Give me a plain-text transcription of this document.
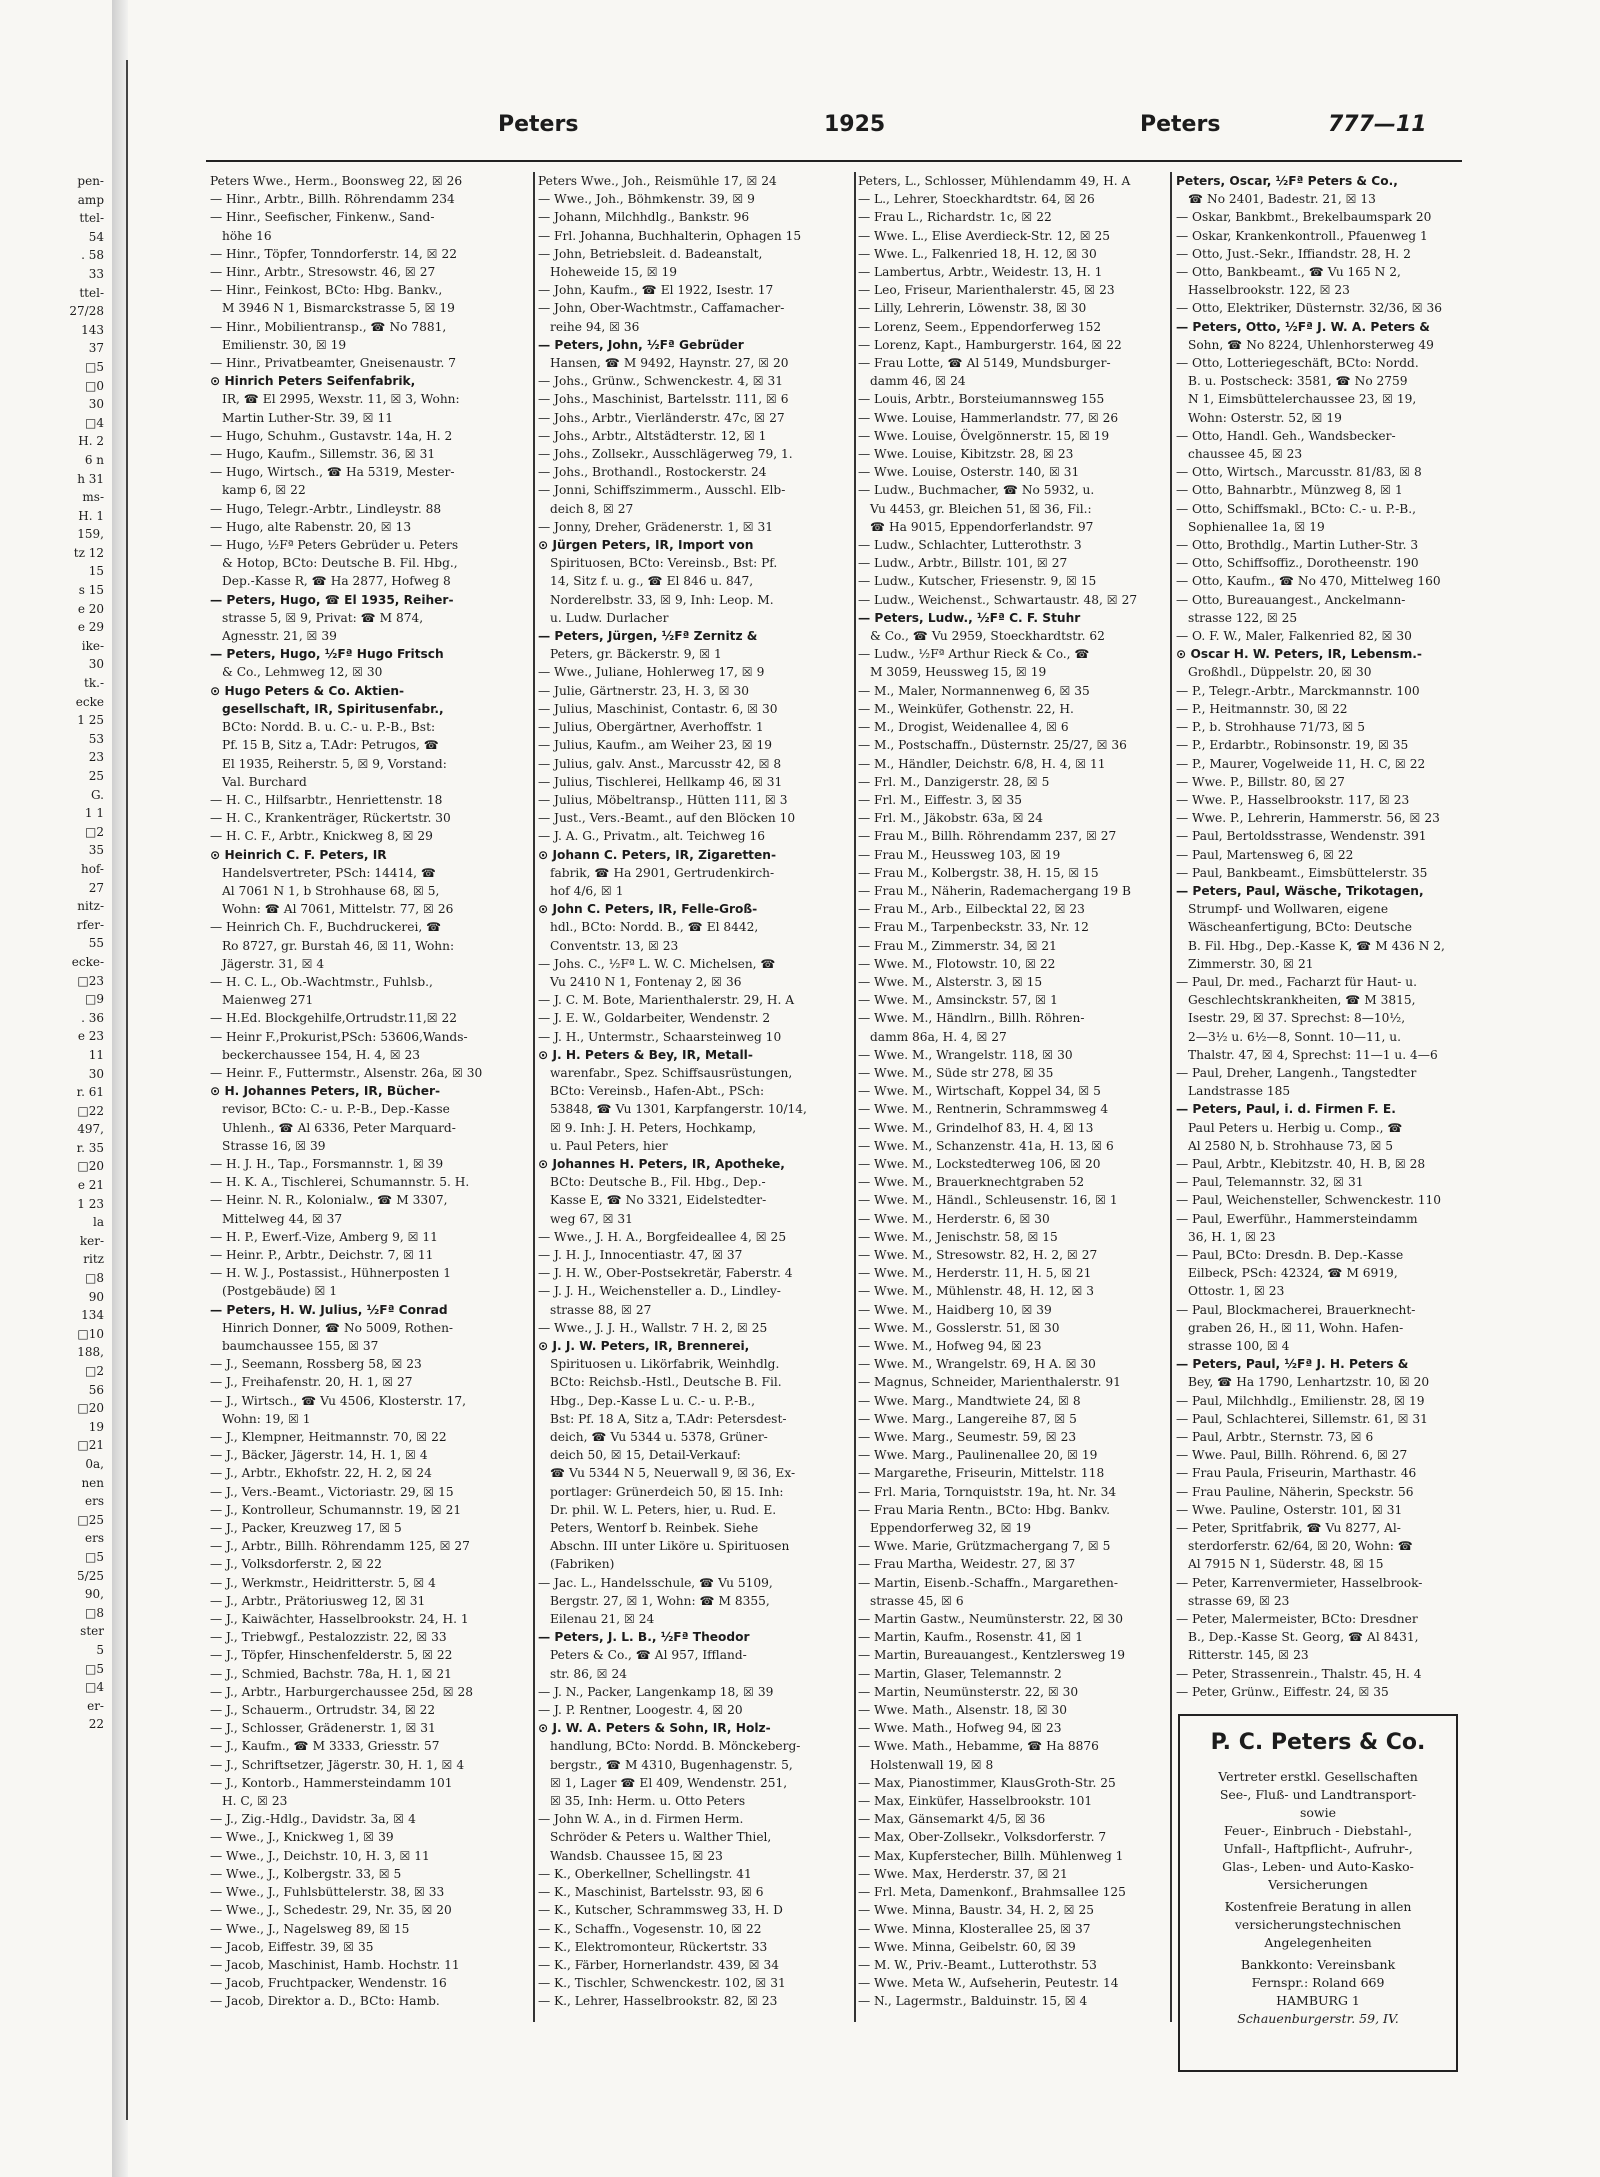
pen-
amp
ttel-
54
. 58
  33
ttel-
27/28
143
37
 □5
 □0
30
 □4
H. 2
6 n
h 31
ms-
H. 1
159,
tz 12
15
s 15
e 20
e 29
ike-
30
tk.-
ecke
1 25
53
23
25
G.
1 1
 □2
35
hof-
27
nitz-
rfer-
55
ecke-
 □23
 □9
 . 36
e 23
11
30
r. 61
 □22
497,
r. 35
 □20
e 21
1 23
la
ker-
ritz
 □8
90
134
 □10
188,
 □2
56
 □20
19
 □21
0a,
nen
ers
 □25
ers
 □5
5/25
90,
 □8
ster
5
 □5
 □4
er-
22
Peters	1925	Peters	777—11
Peters Wwe., Herm., Boonsweg 22, ☒ 26
— Hinr., Arbtr., Billh. Röhrendamm 234
— Hinr., Seefischer, Finkenw., Sand-
höhe 16
— Hinr., Töpfer, Tonndorferstr. 14, ☒ 22
— Hinr., Arbtr., Stresowstr. 46, ☒ 27
— Hinr., Feinkost, BCto: Hbg. Bankv.,
M 3946 N 1, Bismarckstrasse 5, ☒ 19
— Hinr., Mobilientransp., ☎ No 7881,
Emilienstr. 30, ☒ 19
— Hinr., Privatbeamter, Gneisenaustr. 7
⊙ Hinrich Peters Seifenfabrik,
IR, ☎ El 2995, Wexstr. 11, ☒ 3, Wohn:
Martin Luther-Str. 39, ☒ 11
— Hugo, Schuhm., Gustavstr. 14a, H. 2
— Hugo, Kaufm., Sillemstr. 36, ☒ 31
— Hugo, Wirtsch., ☎ Ha 5319, Mester-
kamp 6, ☒ 22
— Hugo, Telegr.-Arbtr., Lindleystr. 88
— Hugo, alte Rabenstr. 20, ☒ 13
— Hugo, ½Fª Peters Gebrüder u. Peters
& Hotop, BCto: Deutsche B. Fil. Hbg.,
Dep.-Kasse R, ☎ Ha 2877, Hofweg 8
— Peters, Hugo, ☎ El 1935, Reiher-
strasse 5, ☒ 9, Privat: ☎ M 874,
Agnesstr. 21, ☒ 39
— Peters, Hugo, ½Fª Hugo Fritsch
& Co., Lehmweg 12, ☒ 30
⊙ Hugo Peters & Co. Aktien-
gesellschaft, IR, Spiritusenfabr.,
BCto: Nordd. B. u. C.- u. P.-B., Bst:
Pf. 15 B, Sitz a, T.Adr: Petrugos, ☎
El 1935, Reiherstr. 5, ☒ 9, Vorstand:
Val. Burchard
— H. C., Hilfsarbtr., Henriettenstr. 18
— H. C., Krankenträger, Rückertstr. 30
— H. C. F., Arbtr., Knickweg 8, ☒ 29
⊙ Heinrich C. F. Peters, IR
Handelsvertreter, PSch: 14414, ☎
Al 7061 N 1, b Strohhause 68, ☒ 5,
Wohn: ☎ Al 7061, Mittelstr. 77, ☒ 26
— Heinrich Ch. F., Buchdruckerei, ☎
Ro 8727, gr. Burstah 46, ☒ 11, Wohn:
Jägerstr. 31, ☒ 4
— H. C. L., Ob.-Wachtmstr., Fuhlsb.,
Maienweg 271
— H.Ed. Blockgehilfe,Ortrudstr.11,☒ 22
— Heinr F.,Prokurist,PSch: 53606,Wands-
beckerchaussee 154, H. 4, ☒ 23
— Heinr. F., Futtermstr., Alsenstr. 26a, ☒ 30
⊙ H. Johannes Peters, IR, Bücher-
revisor, BCto: C.- u. P.-B., Dep.-Kasse
Uhlenh., ☎ Al 6336, Peter Marquard-
Strasse 16, ☒ 39
— H. J. H., Tap., Forsmannstr. 1, ☒ 39
— H. K. A., Tischlerei, Schumannstr. 5. H.
— Heinr. N. R., Kolonialw., ☎ M 3307,
Mittelweg 44, ☒ 37
— H. P., Ewerf.-Vize, Amberg 9, ☒ 11
— Heinr. P., Arbtr., Deichstr. 7, ☒ 11
— H. W. J., Postassist., Hühnerposten 1
(Postgebäude) ☒ 1
— Peters, H. W. Julius, ½Fª Conrad
Hinrich Donner, ☎ No 5009, Rothen-
baumchaussee 155, ☒ 37
— J., Seemann, Rossberg 58, ☒ 23
— J., Freihafenstr. 20, H. 1, ☒ 27
— J., Wirtsch., ☎ Vu 4506, Klosterstr. 17,
Wohn: 19, ☒ 1
— J., Klempner, Heitmannstr. 70, ☒ 22
— J., Bäcker, Jägerstr. 14, H. 1, ☒ 4
— J., Arbtr., Ekhofstr. 22, H. 2, ☒ 24
— J., Vers.-Beamt., Victoriastr. 29, ☒ 15
— J., Kontrolleur, Schumannstr. 19, ☒ 21
— J., Packer, Kreuzweg 17, ☒ 5
— J., Arbtr., Billh. Röhrendamm 125, ☒ 27
— J., Volksdorferstr. 2, ☒ 22
— J., Werkmstr., Heidritterstr. 5, ☒ 4
— J., Arbtr., Prätoriusweg 12, ☒ 31
— J., Kaiwächter, Hasselbrookstr. 24, H. 1
— J., Triebwgf., Pestalozzistr. 22, ☒ 33
— J., Töpfer, Hinschenfelderstr. 5, ☒ 22
— J., Schmied, Bachstr. 78a, H. 1, ☒ 21
— J., Arbtr., Harburgerchaussee 25d, ☒ 28
— J., Schauerm., Ortrudstr. 34, ☒ 22
— J., Schlosser, Grädenerstr. 1, ☒ 31
— J., Kaufm., ☎ M 3333, Griesstr. 57
— J., Schriftsetzer, Jägerstr. 30, H. 1, ☒ 4
— J., Kontorb., Hammersteindamm 101
H. C, ☒ 23
— J., Zig.-Hdlg., Davidstr. 3a, ☒ 4
— Wwe., J., Knickweg 1, ☒ 39
— Wwe., J., Deichstr. 10, H. 3, ☒ 11
— Wwe., J., Kolbergstr. 33, ☒ 5
— Wwe., J., Fuhlsbüttelerstr. 38, ☒ 33
— Wwe., J., Schedestr. 29, Nr. 35, ☒ 20
— Wwe., J., Nagelsweg 89, ☒ 15
— Jacob, Eiffestr. 39, ☒ 35
— Jacob, Maschinist, Hamb. Hochstr. 11
— Jacob, Fruchtpacker, Wendenstr. 16
— Jacob, Direktor a. D., BCto: Hamb.
Peters Wwe., Joh., Reismühle 17, ☒ 24
— Wwe., Joh., Böhmkenstr. 39, ☒ 9
— Johann, Milchhdlg., Bankstr. 96
— Frl. Johanna, Buchhalterin, Ophagen 15
— John, Betriebsleit. d. Badeanstalt,
Hoheweide 15, ☒ 19
— John, Kaufm., ☎ El 1922, Isestr. 17
— John, Ober-Wachtmstr., Caffamacher-
reihe 94, ☒ 36
— Peters, John, ½Fª Gebrüder
Hansen, ☎ M 9492, Haynstr. 27, ☒ 20
— Johs., Grünw., Schwenckestr. 4, ☒ 31
— Johs., Maschinist, Bartelsstr. 111, ☒ 6
— Johs., Arbtr., Vierländerstr. 47c, ☒ 27
— Johs., Arbtr., Altstädterstr. 12, ☒ 1
— Johs., Zollsekr., Ausschlägerweg 79, 1.
— Johs., Brothandl., Rostockerstr. 24
— Jonni, Schiffszimmerm., Ausschl. Elb-
deich 8, ☒ 27
— Jonny, Dreher, Grädenerstr. 1, ☒ 31
⊙ Jürgen Peters, IR, Import von
Spirituosen, BCto: Vereinsb., Bst: Pf.
14, Sitz f. u. g., ☎ El 846 u. 847,
Norderelbstr. 33, ☒ 9, Inh: Leop. M.
u. Ludw. Durlacher
— Peters, Jürgen, ½Fª Zernitz &
Peters, gr. Bäckerstr. 9, ☒ 1
— Wwe., Juliane, Hohlerweg 17, ☒ 9
— Julie, Gärtnerstr. 23, H. 3, ☒ 30
— Julius, Maschinist, Contastr. 6, ☒ 30
— Julius, Obergärtner, Averhoffstr. 1
— Julius, Kaufm., am Weiher 23, ☒ 19
— Julius, galv. Anst., Marcusstr 42, ☒ 8
— Julius, Tischlerei, Hellkamp 46, ☒ 31
— Julius, Möbeltransp., Hütten 111, ☒ 3
— Just., Vers.-Beamt., auf den Blöcken 10
— J. A. G., Privatm., alt. Teichweg 16
⊙ Johann C. Peters, IR, Zigaretten-
fabrik, ☎ Ha 2901, Gertrudenkirch-
hof 4/6, ☒ 1
⊙ John C. Peters, IR, Felle-Groß-
hdl., BCto: Nordd. B., ☎ El 8442,
Conventstr. 13, ☒ 23
— Johs. C., ½Fª L. W. C. Michelsen, ☎
Vu 2410 N 1, Fontenay 2, ☒ 36
— J. C. M. Bote, Marienthalerstr. 29, H. A
— J. E. W., Goldarbeiter, Wendenstr. 2
— J. H., Untermstr., Schaarsteinweg 10
⊙ J. H. Peters & Bey, IR, Metall-
warenfabr., Spez. Schiffsausrüstungen,
BCto: Vereinsb., Hafen-Abt., PSch:
53848, ☎ Vu 1301, Karpfangerstr. 10/14,
☒ 9. Inh: J. H. Peters, Hochkamp,
u. Paul Peters, hier
⊙ Johannes H. Peters, IR, Apotheke,
BCto: Deutsche B., Fil. Hbg., Dep.-
Kasse E, ☎ No 3321, Eidelstedter-
weg 67, ☒ 31
— Wwe., J. H. A., Borgfeideallee 4, ☒ 25
— J. H. J., Innocentiastr. 47, ☒ 37
— J. H. W., Ober-Postsekretär, Faberstr. 4
— J. J. H., Weichensteller a. D., Lindley-
strasse 88, ☒ 27
— Wwe., J. J. H., Wallstr. 7 H. 2, ☒ 25
⊙ J. J. W. Peters, IR, Brennerei,
Spirituosen u. Likörfabrik, Weinhdlg.
BCto: Reichsb.-Hstl., Deutsche B. Fil.
Hbg., Dep.-Kasse L u. C.- u. P.-B.,
Bst: Pf. 18 A, Sitz a, T.Adr: Petersdest-
deich, ☎ Vu 5344 u. 5378, Grüner-
deich 50, ☒ 15, Detail-Verkauf:
☎ Vu 5344 N 5, Neuerwall 9, ☒ 36, Ex-
portlager: Grünerdeich 50, ☒ 15. Inh:
Dr. phil. W. L. Peters, hier, u. Rud. E.
Peters, Wentorf b. Reinbek. Siehe
Abschn. III unter Liköre u. Spirituosen
(Fabriken)
— Jac. L., Handelsschule, ☎ Vu 5109,
Bergstr. 27, ☒ 1, Wohn: ☎ M 8355,
Eilenau 21, ☒ 24
— Peters, J. L. B., ½Fª Theodor
Peters & Co., ☎ Al 957, Iffland-
str. 86, ☒ 24
— J. N., Packer, Langenkamp 18, ☒ 39
— J. P. Rentner, Loogestr. 4, ☒ 20
⊙ J. W. A. Peters & Sohn, IR, Holz-
handlung, BCto: Nordd. B. Mönckeberg-
bergstr., ☎ M 4310, Bugenhagenstr. 5,
☒ 1, Lager ☎ El 409, Wendenstr. 251,
☒ 35, Inh: Herm. u. Otto Peters
— John W. A., in d. Firmen Herm.
Schröder & Peters u. Walther Thiel,
Wandsb. Chaussee 15, ☒ 23
— K., Oberkellner, Schellingstr. 41
— K., Maschinist, Bartelsstr. 93, ☒ 6
— K., Kutscher, Schrammsweg 33, H. D
— K., Schaffn., Vogesenstr. 10, ☒ 22
— K., Elektromonteur, Rückertstr. 33
— K., Färber, Hornerlandstr. 439, ☒ 34
— K., Tischler, Schwenckestr. 102, ☒ 31
— K., Lehrer, Hasselbrookstr. 82, ☒ 23
Peters, L., Schlosser, Mühlendamm 49, H. A
— L., Lehrer, Stoeckhardtstr. 64, ☒ 26
— Frau L., Richardstr. 1c, ☒ 22
— Wwe. L., Elise Averdieck-Str. 12, ☒ 25
— Wwe. L., Falkenried 18, H. 12, ☒ 30
— Lambertus, Arbtr., Weidestr. 13, H. 1
— Leo, Friseur, Marienthalerstr. 45, ☒ 23
— Lilly, Lehrerin, Löwenstr. 38, ☒ 30
— Lorenz, Seem., Eppendorferweg 152
— Lorenz, Kapt., Hamburgerstr. 164, ☒ 22
— Frau Lotte, ☎ Al 5149, Mundsburger-
damm 46, ☒ 24
— Louis, Arbtr., Borsteiumannsweg 155
— Wwe. Louise, Hammerlandstr. 77, ☒ 26
— Wwe. Louise, Övelgönnerstr. 15, ☒ 19
— Wwe. Louise, Kibitzstr. 28, ☒ 23
— Wwe. Louise, Osterstr. 140, ☒ 31
— Ludw., Buchmacher, ☎ No 5932, u.
Vu 4453, gr. Bleichen 51, ☒ 36, Fil.:
☎ Ha 9015, Eppendorferlandstr. 97
— Ludw., Schlachter, Lutterothstr. 3
— Ludw., Arbtr., Billstr. 101, ☒ 27
— Ludw., Kutscher, Friesenstr. 9, ☒ 15
— Ludw., Weichenst., Schwartaustr. 48, ☒ 27
— Peters, Ludw., ½Fª C. F. Stuhr
& Co., ☎ Vu 2959, Stoeckhardtstr. 62
— Ludw., ½Fª Arthur Rieck & Co., ☎
M 3059, Heussweg 15, ☒ 19
— M., Maler, Normannenweg 6, ☒ 35
— M., Weinküfer, Gothenstr. 22, H.
— M., Drogist, Weidenallee 4, ☒ 6
— M., Postschaffn., Düsternstr. 25/27, ☒ 36
— M., Händler, Deichstr. 6/8, H. 4, ☒ 11
— Frl. M., Danzigerstr. 28, ☒ 5
— Frl. M., Eiffestr. 3, ☒ 35
— Frl. M., Jäkobstr. 63a, ☒ 24
— Frau M., Billh. Röhrendamm 237, ☒ 27
— Frau M., Heussweg 103, ☒ 19
— Frau M., Kolbergstr. 38, H. 15, ☒ 15
— Frau M., Näherin, Rademachergang 19 B
— Frau M., Arb., Eilbecktal 22, ☒ 23
— Frau M., Tarpenbeckstr. 33, Nr. 12
— Frau M., Zimmerstr. 34, ☒ 21
— Wwe. M., Flotowstr. 10, ☒ 22
— Wwe. M., Alsterstr. 3, ☒ 15
— Wwe. M., Amsinckstr. 57, ☒ 1
— Wwe. M., Händlrn., Billh. Röhren-
damm 86a, H. 4, ☒ 27
— Wwe. M., Wrangelstr. 118, ☒ 30
— Wwe. M., Süde str 278, ☒ 35
— Wwe. M., Wirtschaft, Koppel 34, ☒ 5
— Wwe. M., Rentnerin, Schrammsweg 4
— Wwe. M., Grindelhof 83, H. 4, ☒ 13
— Wwe. M., Schanzenstr. 41a, H. 13, ☒ 6
— Wwe. M., Lockstedterweg 106, ☒ 20
— Wwe. M., Brauerknechtgraben 52
— Wwe. M., Händl., Schleusenstr. 16, ☒ 1
— Wwe. M., Herderstr. 6, ☒ 30
— Wwe. M., Jenischstr. 58, ☒ 15
— Wwe. M., Stresowstr. 82, H. 2, ☒ 27
— Wwe. M., Herderstr. 11, H. 5, ☒ 21
— Wwe. M., Mühlenstr. 48, H. 12, ☒ 3
— Wwe. M., Haidberg 10, ☒ 39
— Wwe. M., Gosslerstr. 51, ☒ 30
— Wwe. M., Hofweg 94, ☒ 23
— Wwe. M., Wrangelstr. 69, H A. ☒ 30
— Magnus, Schneider, Marienthalerstr. 91
— Wwe. Marg., Mandtwiete 24, ☒ 8
— Wwe. Marg., Langereihe 87, ☒ 5
— Wwe. Marg., Seumestr. 59, ☒ 23
— Wwe. Marg., Paulinenallee 20, ☒ 19
— Margarethe, Friseurin, Mittelstr. 118
— Frl. Maria, Tornquiststr. 19a, ht. Nr. 34
— Frau Maria Rentn., BCto: Hbg. Bankv.
Eppendorferweg 32, ☒ 19
— Wwe. Marie, Grützmachergang 7, ☒ 5
— Frau Martha, Weidestr. 27, ☒ 37
— Martin, Eisenb.-Schaffn., Margarethen-
strasse 45, ☒ 6
— Martin Gastw., Neumünsterstr. 22, ☒ 30
— Martin, Kaufm., Rosenstr. 41, ☒ 1
— Martin, Bureauangest., Kentzlersweg 19
— Martin, Glaser, Telemannstr. 2
— Martin, Neumünsterstr. 22, ☒ 30
— Wwe. Math., Alsenstr. 18, ☒ 30
— Wwe. Math., Hofweg 94, ☒ 23
— Wwe. Math., Hebamme, ☎ Ha 8876
Holstenwall 19, ☒ 8
— Max, Pianostimmer, KlausGroth-Str. 25
— Max, Einküfer, Hasselbrookstr. 101
— Max, Gänsemarkt 4/5, ☒ 36
— Max, Ober-Zollsekr., Volksdorferstr. 7
— Max, Kupferstecher, Billh. Mühlenweg 1
— Wwe. Max, Herderstr. 37, ☒ 21
— Frl. Meta, Damenkonf., Brahmsallee 125
— Wwe. Minna, Baustr. 34, H. 2, ☒ 25
— Wwe. Minna, Klosterallee 25, ☒ 37
— Wwe. Minna, Geibelstr. 60, ☒ 39
— M. W., Priv.-Beamt., Lutterothstr. 53
— Wwe. Meta W., Aufseherin, Peutestr. 14
— N., Lagermstr., Balduinstr. 15, ☒ 4
Peters, Oscar, ½Fª Peters & Co.,
☎ No 2401, Badestr. 21, ☒ 13
— Oskar, Bankbmt., Brekelbaumspark 20
— Oskar, Krankenkontroll., Pfauenweg 1
— Otto, Just.-Sekr., Iffiandstr. 28, H. 2
— Otto, Bankbeamt., ☎ Vu 165 N 2,
Hasselbrookstr. 122, ☒ 23
— Otto, Elektriker, Düsternstr. 32/36, ☒ 36
— Peters, Otto, ½Fª J. W. A. Peters &
Sohn, ☎ No 8224, Uhlenhorsterweg 49
— Otto, Lotteriegeschäft, BCto: Nordd.
B. u. Postscheck: 3581, ☎ No 2759
N 1, Eimsbüttelerchaussee 23, ☒ 19,
Wohn: Osterstr. 52, ☒ 19
— Otto, Handl. Geh., Wandsbecker-
chaussee 45, ☒ 23
— Otto, Wirtsch., Marcusstr. 81/83, ☒ 8
— Otto, Bahnarbtr., Münzweg 8, ☒ 1
— Otto, Schiffsmakl., BCto: C.- u. P.-B.,
Sophienallee 1a, ☒ 19
— Otto, Brothdlg., Martin Luther-Str. 3
— Otto, Schiffsoffiz., Dorotheenstr. 190
— Otto, Kaufm., ☎ No 470, Mittelweg 160
— Otto, Bureauangest., Anckelmann-
strasse 122, ☒ 25
— O. F. W., Maler, Falkenried 82, ☒ 30
⊙ Oscar H. W. Peters, IR, Lebensm.-
Großhdl., Düppelstr. 20, ☒ 30
— P., Telegr.-Arbtr., Marckmannstr. 100
— P., Heitmannstr. 30, ☒ 22
— P., b. Strohhause 71/73, ☒ 5
— P., Erdarbtr., Robinsonstr. 19, ☒ 35
— P., Maurer, Vogelweide 11, H. C, ☒ 22
— Wwe. P., Billstr. 80, ☒ 27
— Wwe. P., Hasselbrookstr. 117, ☒ 23
— Wwe. P., Lehrerin, Hammerstr. 56, ☒ 23
— Paul, Bertoldsstrasse, Wendenstr. 391
— Paul, Martensweg 6, ☒ 22
— Paul, Bankbeamt., Eimsbüttelerstr. 35
— Peters, Paul, Wäsche, Trikotagen,
Strumpf- und Wollwaren, eigene
Wäscheanfertigung, BCto: Deutsche
B. Fil. Hbg., Dep.-Kasse K, ☎ M 436 N 2,
Zimmerstr. 30, ☒ 21
— Paul, Dr. med., Facharzt für Haut- u.
Geschlechtskrankheiten, ☎ M 3815,
Isestr. 29, ☒ 37. Sprechst: 8—10½,
2—3½ u. 6½—8, Sonnt. 10—11, u.
Thalstr. 47, ☒ 4, Sprechst: 11—1 u. 4—6
— Paul, Dreher, Langenh., Tangstedter
Landstrasse 185
— Peters, Paul, i. d. Firmen F. E.
Paul Peters u. Herbig u. Comp., ☎
Al 2580 N, b. Strohhause 73, ☒ 5
— Paul, Arbtr., Klebitzstr. 40, H. B, ☒ 28
— Paul, Telemannstr. 32, ☒ 31
— Paul, Weichensteller, Schwenckestr. 110
— Paul, Ewerführ., Hammersteindamm
36, H. 1, ☒ 23
— Paul, BCto: Dresdn. B. Dep.-Kasse
Eilbeck, PSch: 42324, ☎ M 6919,
Ottostr. 1, ☒ 23
— Paul, Blockmacherei, Brauerknecht-
graben 26, H., ☒ 11, Wohn. Hafen-
strasse 100, ☒ 4
— Peters, Paul, ½Fª J. H. Peters &
Bey, ☎ Ha 1790, Lenhartzstr. 10, ☒ 20
— Paul, Milchhdlg., Emilienstr. 28, ☒ 19
— Paul, Schlachterei, Sillemstr. 61, ☒ 31
— Paul, Arbtr., Sternstr. 73, ☒ 6
— Wwe. Paul, Billh. Röhrend. 6, ☒ 27
— Frau Paula, Friseurin, Marthastr. 46
— Frau Pauline, Näherin, Speckstr. 56
— Wwe. Pauline, Osterstr. 101, ☒ 31
— Peter, Spritfabrik, ☎ Vu 8277, Al-
sterdorferstr. 62/64, ☒ 20, Wohn: ☎
Al 7915 N 1, Süderstr. 48, ☒ 15
— Peter, Karrenvermieter, Hasselbrook-
strasse 69, ☒ 23
— Peter, Malermeister, BCto: Dresdner
B., Dep.-Kasse St. Georg, ☎ Al 8431,
Ritterstr. 145, ☒ 23
— Peter, Strassenrein., Thalstr. 45, H. 4
— Peter, Grünw., Eiffestr. 24, ☒ 35
P. C. Peters & Co.
Vertreter erstkl. Gesellschaften
See-, Fluß- und Landtransport-
sowie
Feuer-, Einbruch - Diebstahl-,
Unfall-, Haftpflicht-, Aufruhr-,
Glas-, Leben- und Auto-Kasko-
Versicherungen
Kostenfreie Beratung in allen
versicherungstechnischen
Angelegenheiten
Bankkonto: Vereinsbank
Fernspr.: Roland 669
HAMBURG 1
Schauenburgerstr. 59, IV.
